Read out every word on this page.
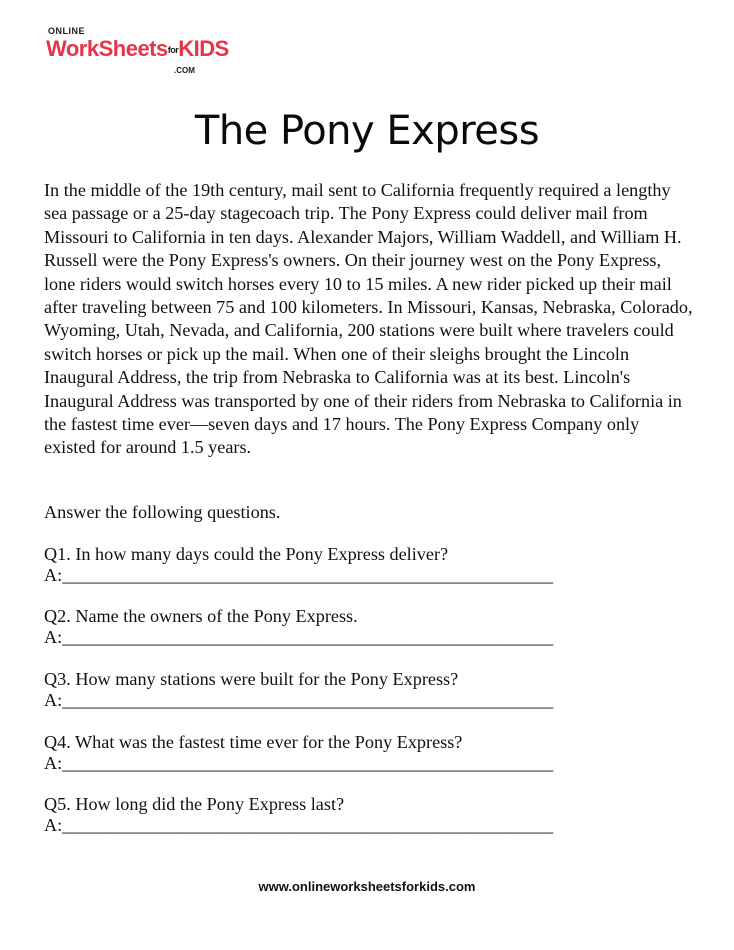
ONLINE
WorkSheetsforKIDS
.COM
The Pony Express

In the middle of the 19th century, mail sent to California frequently required a lengthy sea passage or a 25-day stagecoach trip. The Pony Express could deliver mail from Missouri to California in ten days. Alexander Majors, William Waddell, and William H. Russell were the Pony Express's owners. On their journey west on the Pony Express, lone riders would switch horses every 10 to 15 miles. A new rider picked up their mail after traveling between 75 and 100 kilometers. In Missouri, Kansas, Nebraska, Colorado, Wyoming, Utah, Nevada, and California, 200 stations were built where travelers could switch horses or pick up the mail. When one of their sleighs brought the Lincoln Inaugural Address, the trip from Nebraska to California was at its best. Lincoln's Inaugural Address was transported by one of their riders from Nebraska to California in the fastest time ever—seven days and 17 hours. The Pony Express Company only existed for around 1.5 years.

Answer the following questions.

Q1. In how many days could the Pony Express deliver?
A:______________________________________________________
Q2. Name the owners of the Pony Express.
A:______________________________________________________
Q3. How many stations were built for the Pony Express?
A:______________________________________________________
Q4. What was the fastest time ever for the Pony Express?
A:______________________________________________________
Q5. How long did the Pony Express last?
A:______________________________________________________
www.onlineworksheetsforkids.com
